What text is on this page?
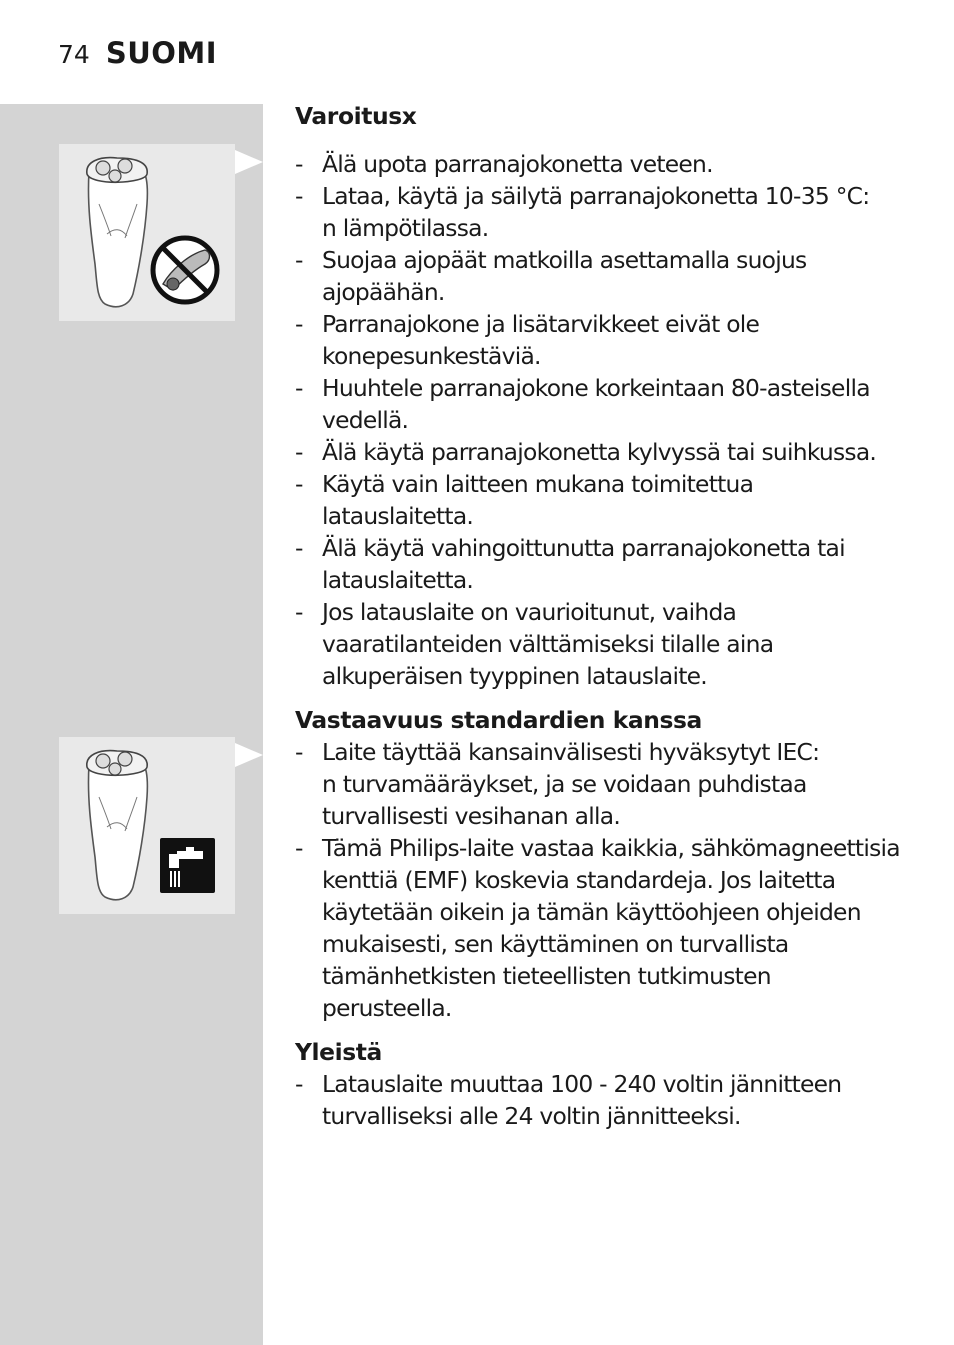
74 SUOMI
Varoitusx
- Älä upota parranajokonetta veteen.
- Lataa, käytä ja säilytä parranajokonetta 10-35 °C:
n lämpötilassa.
- Suojaa ajopäät matkoilla asettamalla suojus
ajopäähän.
- Parranajokone ja lisätarvikkeet eivät ole
konepesunkestäviä.
- Huuhtele parranajokone korkeintaan 80-asteisella
vedellä.
- Älä käytä parranajokonetta kylvyssä tai suihkussa.
- Käytä vain laitteen mukana toimitettua
latauslaitetta.
- Älä käytä vahingoittunutta parranajokonetta tai
latauslaitetta.
- Jos latauslaite on vaurioitunut, vaihda
vaaratilanteiden välttämiseksi tilalle aina
alkuperäisen tyyppinen latauslaite.
Vastaavuus standardien kanssa
- Laite täyttää kansainvälisesti hyväksytyt IEC:
n turvamääräykset, ja se voidaan puhdistaa
turvallisesti vesihanan alla.
- Tämä Philips-laite vastaa kaikkia, sähkömagneettisia
kenttiä (EMF) koskevia standardeja. Jos laitetta
käytetään oikein ja tämän käyttöohjeen ohjeiden
mukaisesti, sen käyttäminen on turvallista
tämänhetkisten tieteellisten tutkimusten
perusteella.
Yleistä
- Latauslaite muuttaa 100 - 240 voltin jännitteen
turvalliseksi alle 24 voltin jännitteeksi.
